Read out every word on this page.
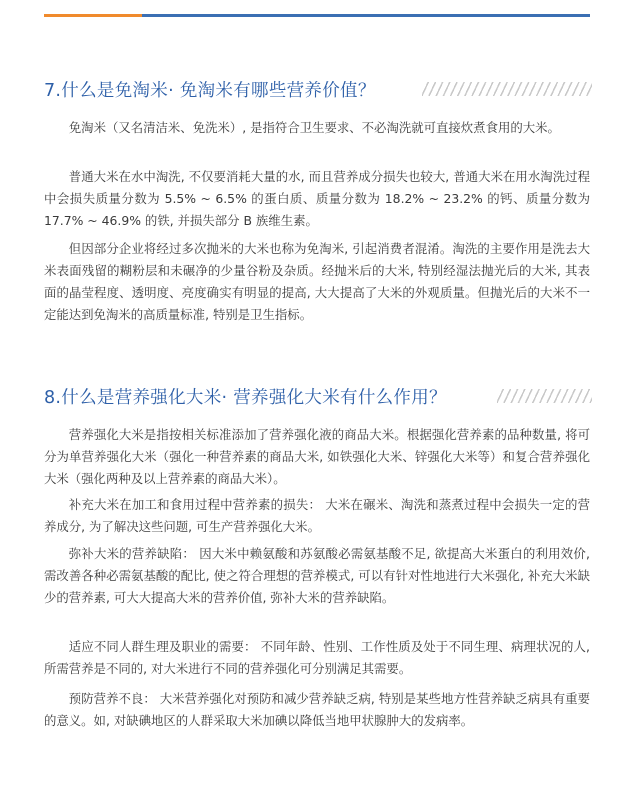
7.什么是免淘米· 免淘米有哪些营养价值？

免淘米（又名清洁米、免洗米）, 是指符合卫生要求、不必淘洗就可直接炊煮食用的大米。

普通大米在水中淘洗, 不仅要消耗大量的水, 而且营养成分损失也较大, 普通大米在用水淘洗过程中会损失质量分数为 5.5% ~ 6.5% 的蛋白质、质量分数为 18.2% ~ 23.2% 的钙、质量分数为 17.7% ~ 46.9% 的铁, 并损失部分 B 族维生素。

但因部分企业将经过多次抛米的大米也称为免淘米, 引起消费者混淆。淘洗的主要作用是洗去大米表面残留的糊粉层和未碾净的少量谷粉及杂质。经抛米后的大米, 特别经湿法抛光后的大米, 其表面的晶莹程度、透明度、亮度确实有明显的提高, 大大提高了大米的外观质量。但抛光后的大米不一定能达到免淘米的高质量标准, 特别是卫生指标。

8.什么是营养强化大米· 营养强化大米有什么作用？

营养强化大米是指按相关标准添加了营养强化液的商品大米。根据强化营养素的品种数量, 将可分为单营养强化大米（强化一种营养素的商品大米, 如铁强化大米、锌强化大米等）和复合营养强化大米（强化两种及以上营养素的商品大米）。

补充大米在加工和食用过程中营养素的损失： 大米在碾米、淘洗和蒸煮过程中会损失一定的营养成分, 为了解决这些问题, 可生产营养强化大米。

弥补大米的营养缺陷： 因大米中赖氨酸和苏氨酸必需氨基酸不足, 欲提高大米蛋白的利用效价, 需改善各种必需氨基酸的配比, 使之符合理想的营养模式, 可以有针对性地进行大米强化, 补充大米缺少的营养素, 可大大提高大米的营养价值, 弥补大米的营养缺陷。

适应不同人群生理及职业的需要： 不同年龄、性别、工作性质及处于不同生理、病理状况的人, 所需营养是不同的, 对大米进行不同的营养强化可分别满足其需要。

预防营养不良： 大米营养强化对预防和减少营养缺乏病, 特别是某些地方性营养缺乏病具有重要的意义。如, 对缺碘地区的人群采取大米加碘以降低当地甲状腺肿大的发病率。
